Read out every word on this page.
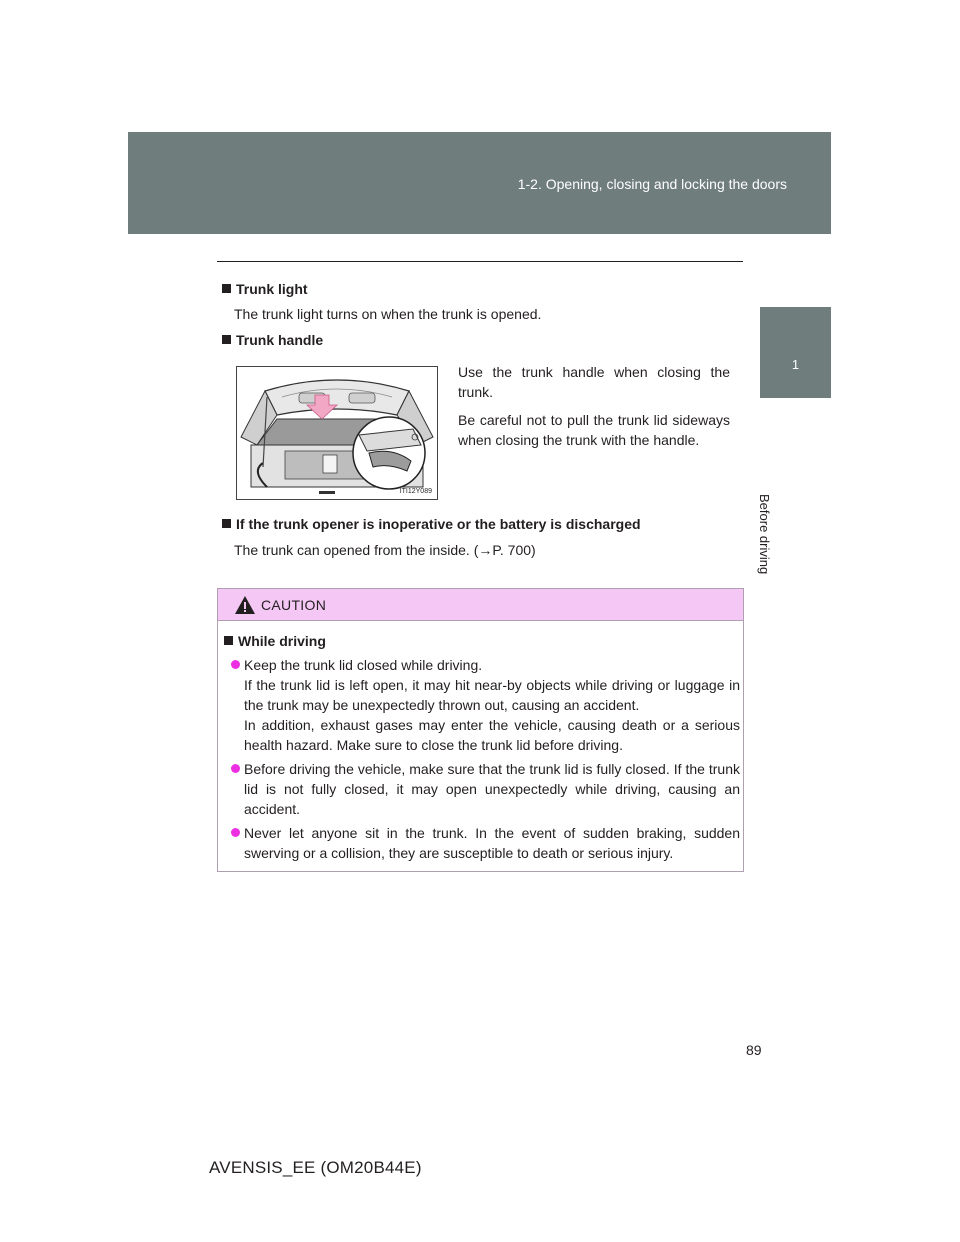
1-2. Opening, closing and locking the doors
1
Before driving
Trunk light
The trunk light turns on when the trunk is opened.
Trunk handle
ITI12Y089

Use the trunk handle when closing the trunk.

Be careful not to pull the trunk lid sideways when closing the trunk with the handle.

If the trunk opener is inoperative or the battery is discharged
The trunk can opened from the inside. (→P. 700)
CAUTION
While driving

Keep the trunk lid closed while driving.

If the trunk lid is left open, it may hit near-by objects while driving or luggage in the trunk may be unexpectedly thrown out, causing an accident.

In addition, exhaust gases may enter the vehicle, causing death or a serious health hazard. Make sure to close the trunk lid before driving.

Before driving the vehicle, make sure that the trunk lid is fully closed. If the trunk lid is not fully closed, it may open unexpectedly while driving, causing an accident.

Never let anyone sit in the trunk. In the event of sudden braking, sudden swerving or a collision, they are susceptible to death or serious injury.

89
AVENSIS_EE (OM20B44E)
